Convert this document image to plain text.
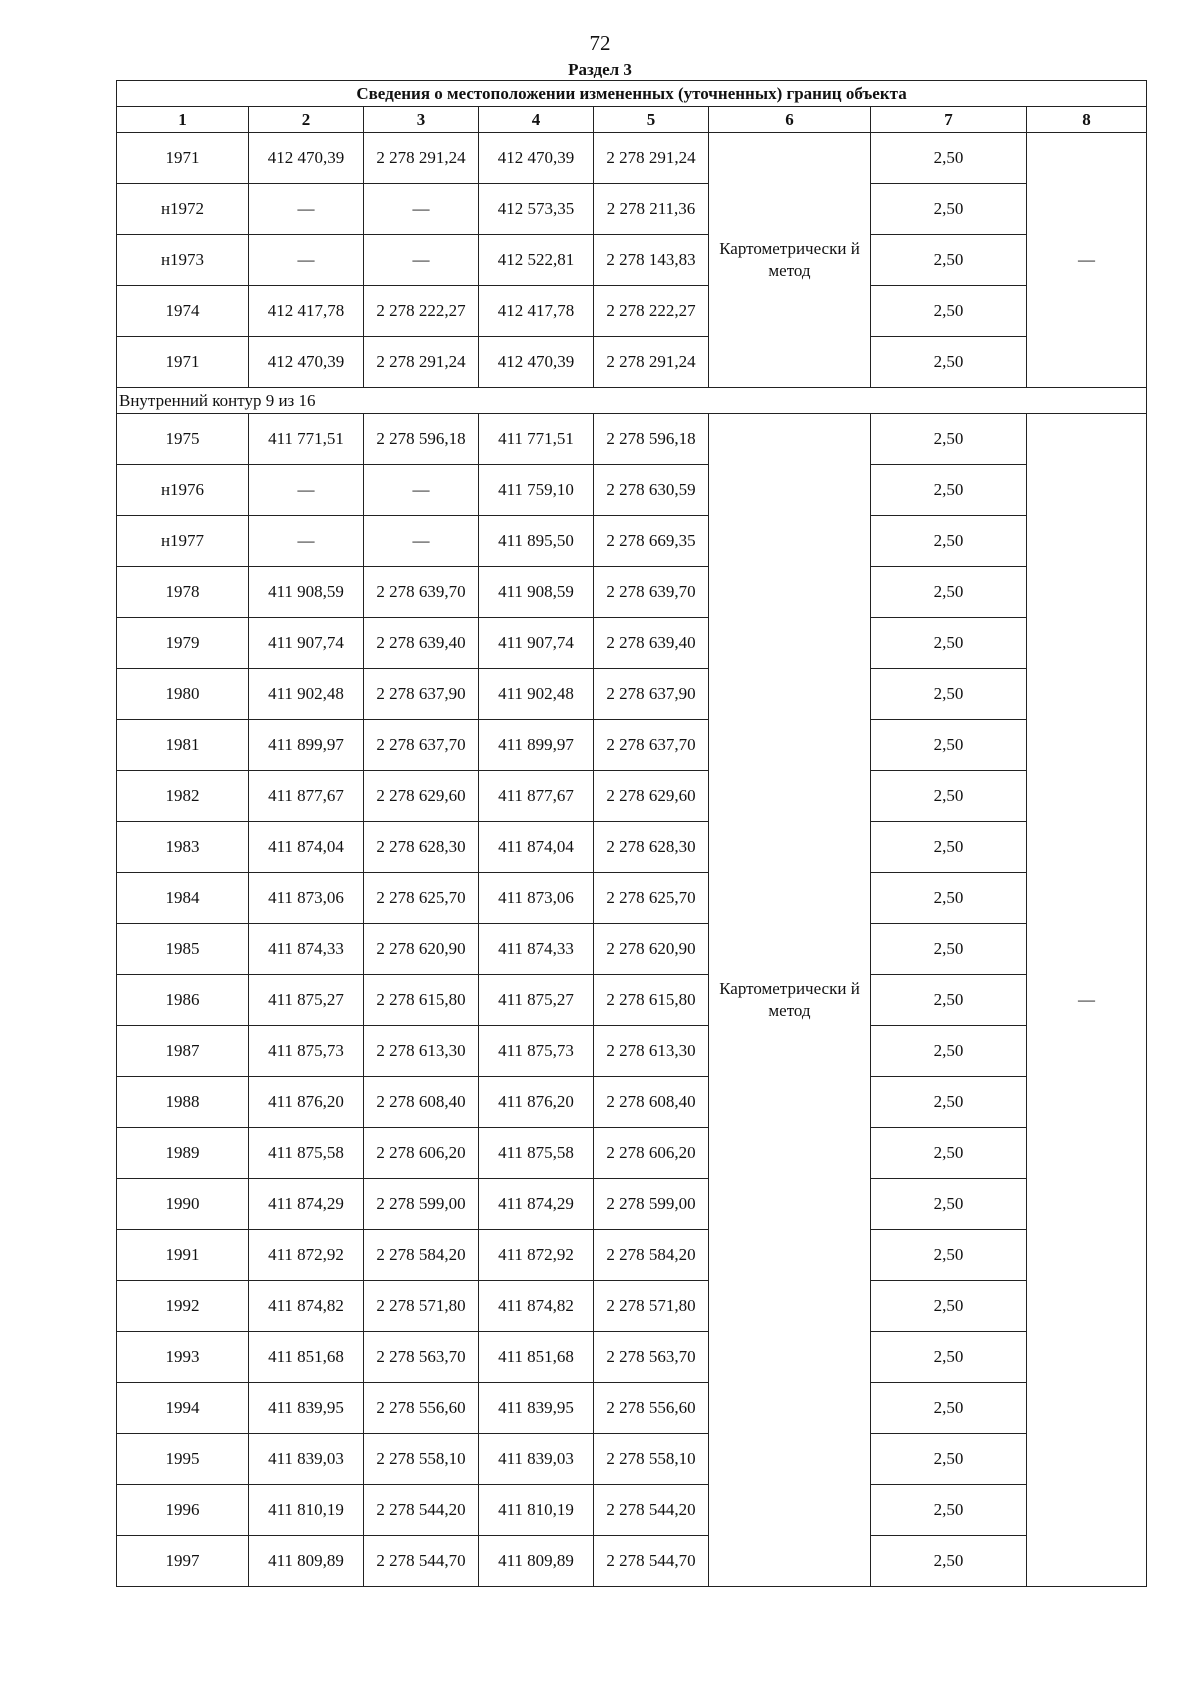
72
Раздел 3
Сведения о местоположении измененных (уточненных) границ объекта							
1	2	3	4	5	6	7	8
1971	412 470,39	2 278 291,24	412 470,39	2 278 291,24	Картометрически й метод	2,50	—
н1972	—	—	412 573,35	2 278 211,36		2,50	
н1973	—	—	412 522,81	2 278 143,83		2,50	
1974	412 417,78	2 278 222,27	412 417,78	2 278 222,27		2,50	
1971	412 470,39	2 278 291,24	412 470,39	2 278 291,24		2,50	
Внутренний контур 9 из 16							
1975	411 771,51	2 278 596,18	411 771,51	2 278 596,18	Картометрически й метод	2,50	—
н1976	—	—	411 759,10	2 278 630,59		2,50	
н1977	—	—	411 895,50	2 278 669,35		2,50	
1978	411 908,59	2 278 639,70	411 908,59	2 278 639,70		2,50	
1979	411 907,74	2 278 639,40	411 907,74	2 278 639,40		2,50	
1980	411 902,48	2 278 637,90	411 902,48	2 278 637,90		2,50	
1981	411 899,97	2 278 637,70	411 899,97	2 278 637,70		2,50	
1982	411 877,67	2 278 629,60	411 877,67	2 278 629,60		2,50	
1983	411 874,04	2 278 628,30	411 874,04	2 278 628,30		2,50	
1984	411 873,06	2 278 625,70	411 873,06	2 278 625,70		2,50	
1985	411 874,33	2 278 620,90	411 874,33	2 278 620,90		2,50	
1986	411 875,27	2 278 615,80	411 875,27	2 278 615,80		2,50	
1987	411 875,73	2 278 613,30	411 875,73	2 278 613,30		2,50	
1988	411 876,20	2 278 608,40	411 876,20	2 278 608,40		2,50	
1989	411 875,58	2 278 606,20	411 875,58	2 278 606,20		2,50	
1990	411 874,29	2 278 599,00	411 874,29	2 278 599,00		2,50	
1991	411 872,92	2 278 584,20	411 872,92	2 278 584,20		2,50	
1992	411 874,82	2 278 571,80	411 874,82	2 278 571,80		2,50	
1993	411 851,68	2 278 563,70	411 851,68	2 278 563,70		2,50	
1994	411 839,95	2 278 556,60	411 839,95	2 278 556,60		2,50	
1995	411 839,03	2 278 558,10	411 839,03	2 278 558,10		2,50	
1996	411 810,19	2 278 544,20	411 810,19	2 278 544,20		2,50	
1997	411 809,89	2 278 544,70	411 809,89	2 278 544,70		2,50	
